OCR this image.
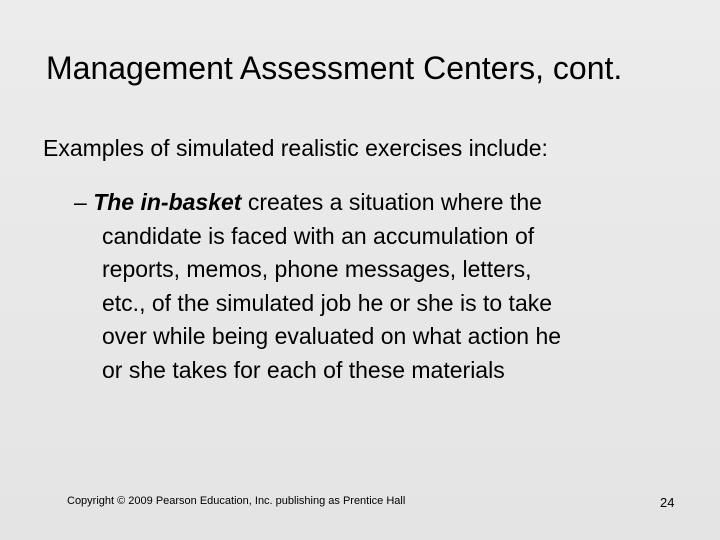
Management Assessment Centers, cont.
Examples of simulated realistic exercises include:
– The in-basket creates a situation where the
candidate is faced with an accumulation of
reports, memos, phone messages, letters,
etc., of the simulated job he or she is to take
over while being evaluated on what action he
or she takes for each of these materials
Copyright © 2009 Pearson Education, Inc. publishing as Prentice Hall	24
